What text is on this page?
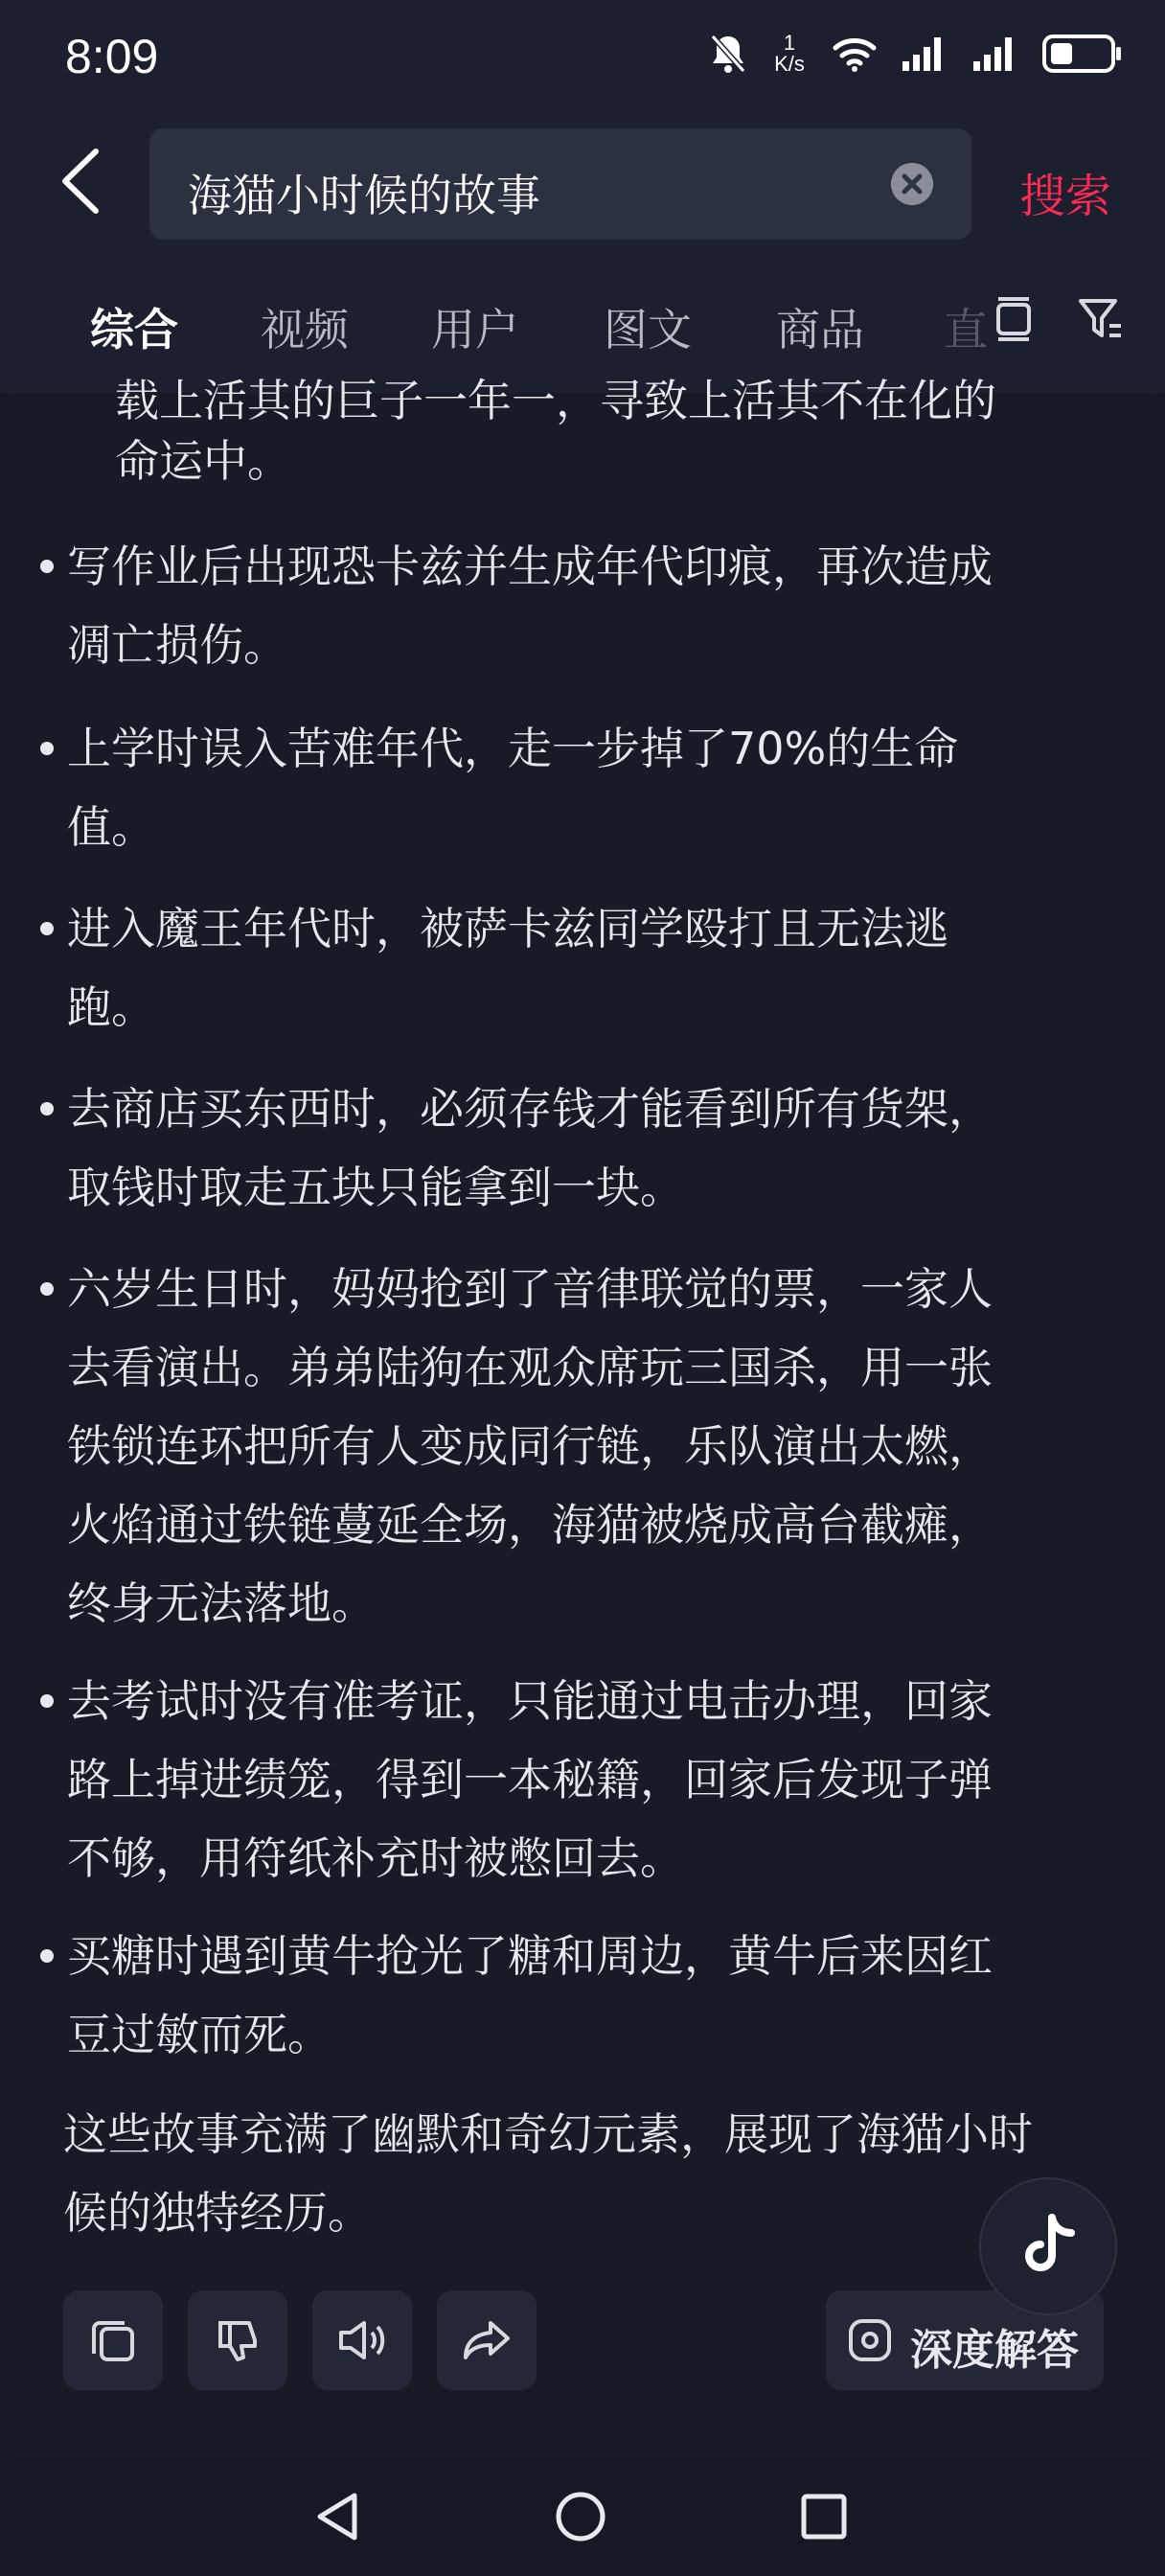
8:09	1
K/s
海猫小时候的故事	搜索
综合 视频 用户 图文 商品 直
载上活其的巨子一年一，寻致上活其不在化的
命运中。
写作业后出现恐卡兹并生成年代印痕，再次造成
凋亡损伤。
上学时误入苦难年代，走一步掉了70%的生命
值。
进入魔王年代时，被萨卡兹同学殴打且无法逃
跑。
去商店买东西时，必须存钱才能看到所有货架，
取钱时取走五块只能拿到一块。
六岁生日时，妈妈抢到了音律联觉的票，一家人
去看演出。弟弟陆狗在观众席玩三国杀，用一张
铁锁连环把所有人变成同行链，乐队演出太燃，
火焰通过铁链蔓延全场，海猫被烧成高台截瘫，
终身无法落地。
去考试时没有准考证，只能通过电击办理，回家
路上掉进绩笼，得到一本秘籍，回家后发现子弹
不够，用符纸补充时被憋回去。
买糖时遇到黄牛抢光了糖和周边，黄牛后来因红
豆过敏而死。
这些故事充满了幽默和奇幻元素，展现了海猫小时
候的独特经历。
深度解答
